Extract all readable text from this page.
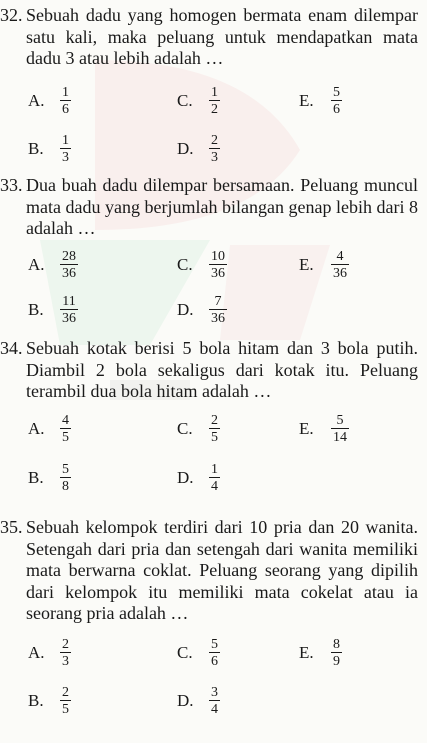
32. Sebuah dadu yang homogen bermata enam dilempar satu kali, maka peluang untuk mendapatkan mata dadu 3 atau lebih adalah …
A.	$\frac{1}{6}$	C.	$\frac{1}{2}$	E.	$\frac{5}{6}$
B.	$\frac{1}{3}$	D.	$\frac{2}{3}$
33. Dua buah dadu dilempar bersamaan. Peluang muncul mata dadu yang berjumlah bilangan genap lebih dari 8 adalah …
A.	$\frac{28}{36}$	C.	$\frac{10}{36}$	E.	$\frac{4}{36}$
B.	$\frac{11}{36}$	D.	$\frac{7}{36}$
34. Sebuah kotak berisi 5 bola hitam dan 3 bola putih. Diambil 2 bola sekaligus dari kotak itu. Peluang terambil dua bola hitam adalah …
A.	$\frac{4}{5}$	C.	$\frac{2}{5}$	E.	$\frac{5}{14}$
B.	$\frac{5}{8}$	D.	$\frac{1}{4}$
35. Sebuah kelompok terdiri dari 10 pria dan 20 wanita. Setengah dari pria dan setengah dari wanita memiliki mata berwarna coklat. Peluang seorang yang dipilih dari kelompok itu memiliki mata cokelat atau ia seorang pria adalah …
A.	$\frac{2}{3}$	C.	$\frac{5}{6}$	E.	$\frac{8}{9}$
B.	$\frac{2}{5}$	D.	$\frac{3}{4}$
